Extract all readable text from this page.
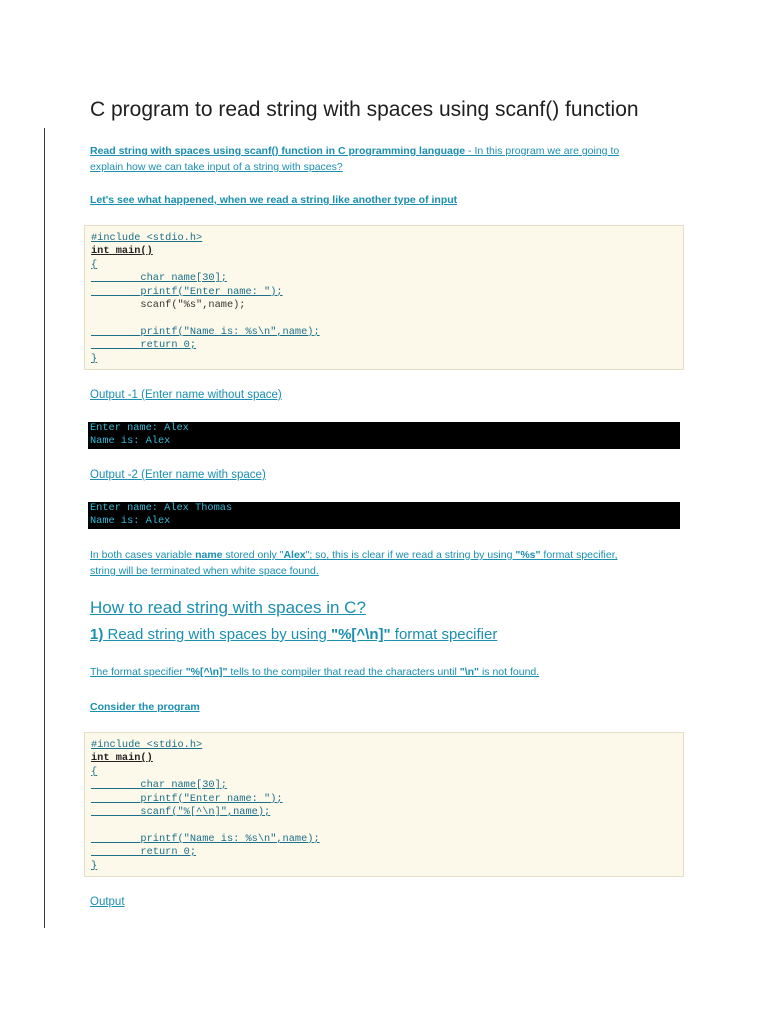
C program to read string with spaces using scanf() function
Read string with spaces using scanf() function in C programming language - In this program we are going to
explain how we can take input of a string with spaces?
Let's see what happened, when we read a string like another type of input
#include <stdio.h>
int main()
{
char name[30];
printf("Enter name: ");
scanf("%s",name);
printf("Name is: %s\n",name);
return 0;
}
Output -1 (Enter name without space)
Enter name: Alex
Name is: Alex
Output -2 (Enter name with space)
Enter name: Alex Thomas
Name is: Alex
In both cases variable name stored only "Alex"; so, this is clear if we read a string by using "%s" format specifier,
string will be terminated when white space found.
How to read string with spaces in C?
1) Read string with spaces by using "%[^\n]" format specifier
The format specifier "%[^\n]" tells to the compiler that read the characters until "\n" is not found.
Consider the program
#include <stdio.h>
int main()
{
char name[30];
printf("Enter name: ");
scanf("%[^\n]",name);
printf("Name is: %s\n",name);
return 0;
}
Output
